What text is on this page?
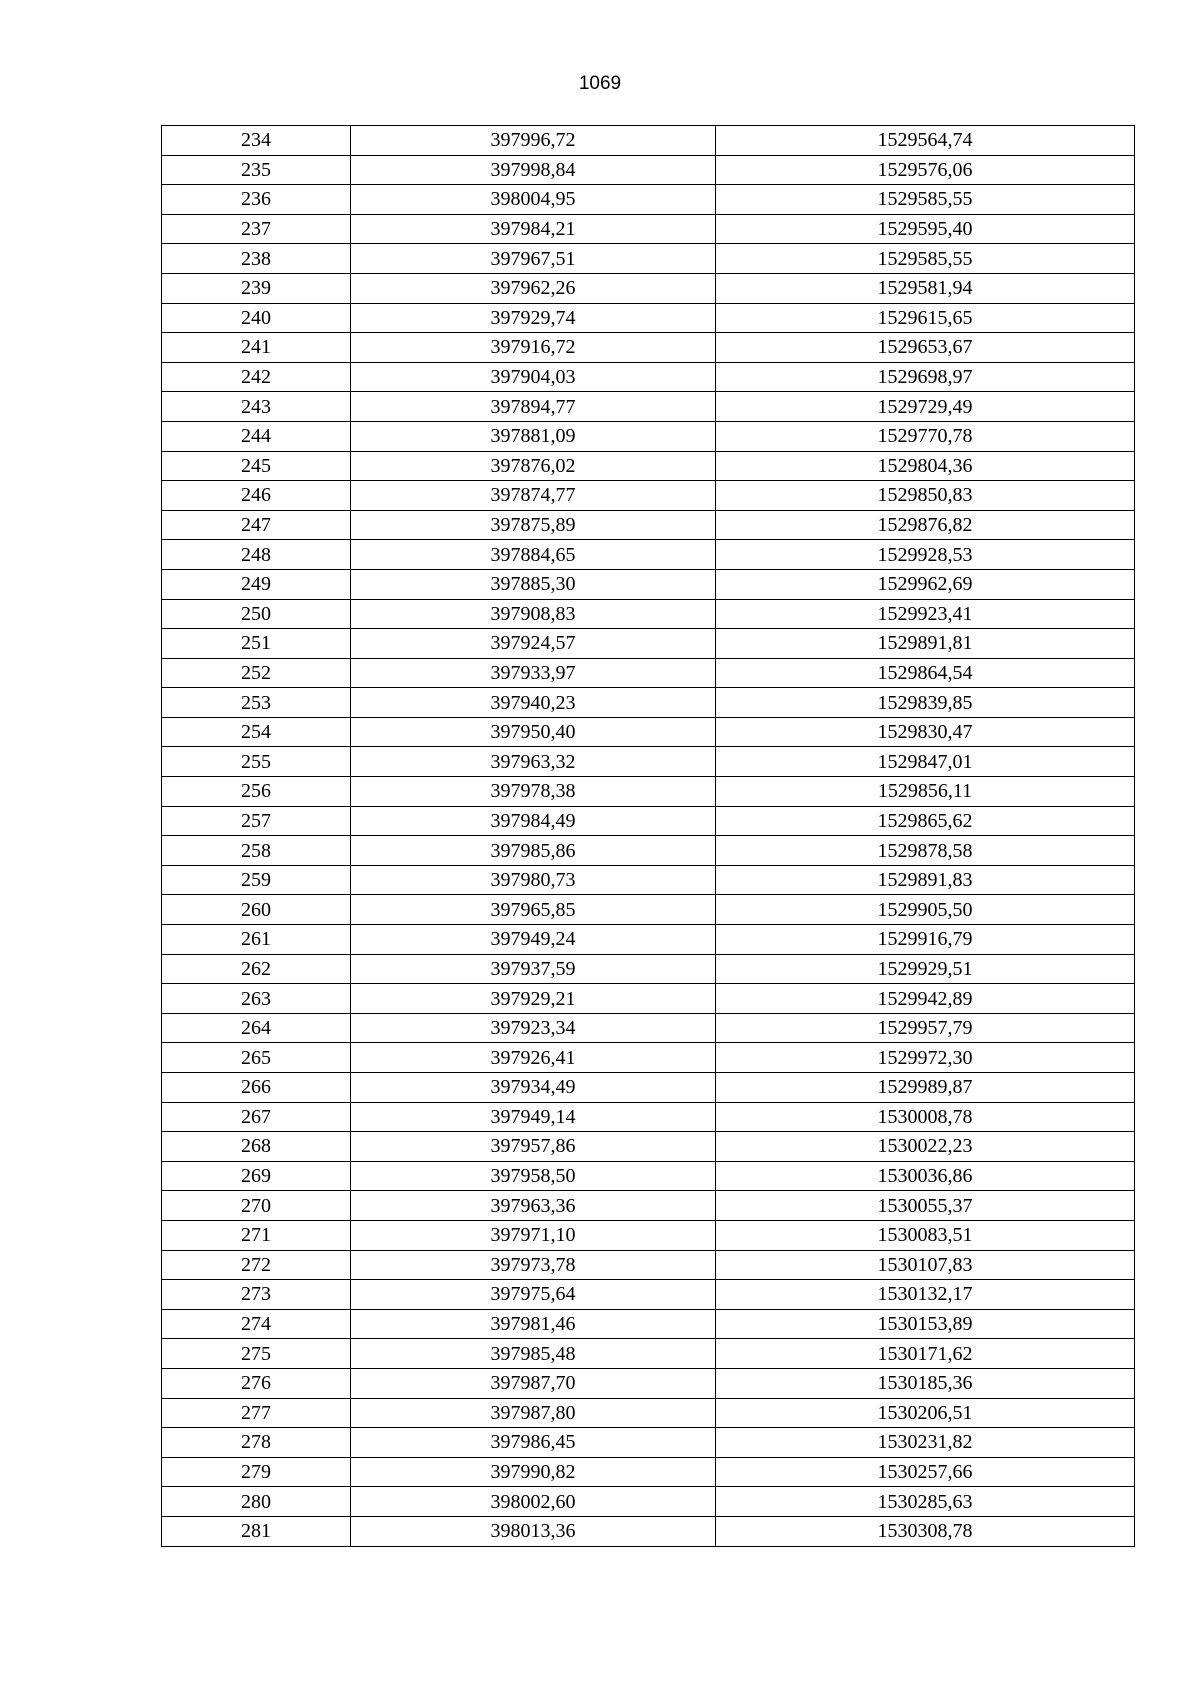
1069
234	397996,72	1529564,74
235	397998,84	1529576,06
236	398004,95	1529585,55
237	397984,21	1529595,40
238	397967,51	1529585,55
239	397962,26	1529581,94
240	397929,74	1529615,65
241	397916,72	1529653,67
242	397904,03	1529698,97
243	397894,77	1529729,49
244	397881,09	1529770,78
245	397876,02	1529804,36
246	397874,77	1529850,83
247	397875,89	1529876,82
248	397884,65	1529928,53
249	397885,30	1529962,69
250	397908,83	1529923,41
251	397924,57	1529891,81
252	397933,97	1529864,54
253	397940,23	1529839,85
254	397950,40	1529830,47
255	397963,32	1529847,01
256	397978,38	1529856,11
257	397984,49	1529865,62
258	397985,86	1529878,58
259	397980,73	1529891,83
260	397965,85	1529905,50
261	397949,24	1529916,79
262	397937,59	1529929,51
263	397929,21	1529942,89
264	397923,34	1529957,79
265	397926,41	1529972,30
266	397934,49	1529989,87
267	397949,14	1530008,78
268	397957,86	1530022,23
269	397958,50	1530036,86
270	397963,36	1530055,37
271	397971,10	1530083,51
272	397973,78	1530107,83
273	397975,64	1530132,17
274	397981,46	1530153,89
275	397985,48	1530171,62
276	397987,70	1530185,36
277	397987,80	1530206,51
278	397986,45	1530231,82
279	397990,82	1530257,66
280	398002,60	1530285,63
281	398013,36	1530308,78
